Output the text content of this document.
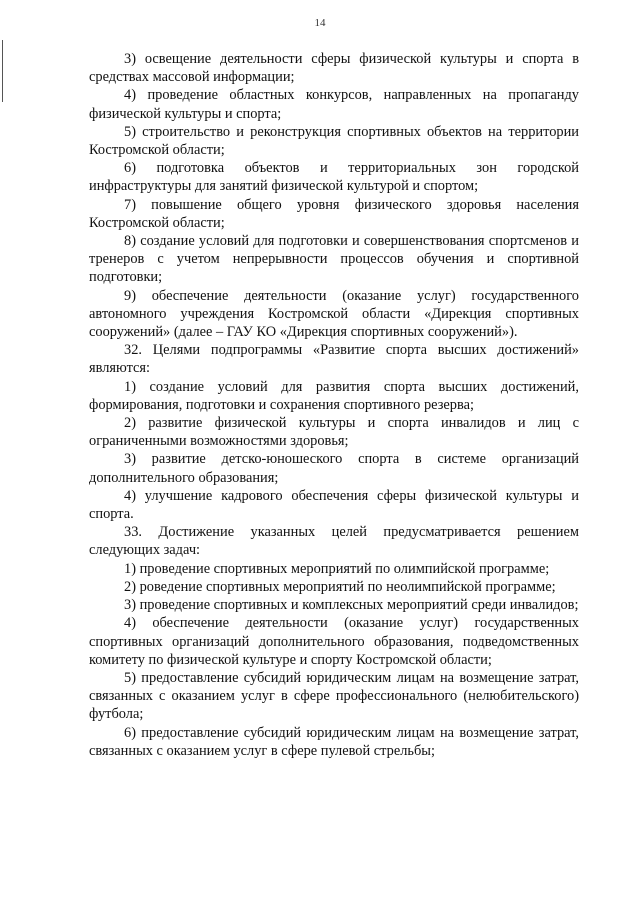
14

3) освещение деятельности сферы физической культуры и спорта в средствах массовой информации;

4) проведение областных конкурсов, направленных на пропаганду физической культуры и спорта;

5) строительство и реконструкция спортивных объектов на территории Костромской области;

6) подготовка объектов и территориальных зон городской инфраструктуры для занятий физической культурой и спортом;

7) повышение общего уровня физического здоровья населения Костромской области;

8) создание условий для подготовки и совершенствования спортсменов и тренеров с учетом непрерывности процессов обучения и спортивной подготовки;

9) обеспечение деятельности (оказание услуг) государственного автономного учреждения Костромской области «Дирекция спортивных сооружений» (далее – ГАУ КО «Дирекция спортивных сооружений»).

32. Целями подпрограммы «Развитие спорта высших достижений» являются:

1) создание условий для развития спорта высших достижений, формирования, подготовки и сохранения спортивного резерва;

2) развитие физической культуры и спорта инвалидов и лиц с ограниченными возможностями здоровья;

3) развитие детско-юношеского спорта в системе организаций дополнительного образования;

4) улучшение кадрового обеспечения сферы физической культуры и спорта.

33. Достижение указанных целей предусматривается решением следующих задач:

1) проведение спортивных мероприятий по олимпийской программе;

2) роведение спортивных мероприятий по неолимпийской программе;

3) проведение спортивных и комплексных мероприятий среди инвалидов;

4) обеспечение деятельности (оказание услуг) государственных спортивных организаций дополнительного образования, подведомственных комитету по физической культуре и спорту Костромской области;

5) предоставление субсидий юридическим лицам на возмещение затрат, связанных с оказанием услуг в сфере профессионального (нелюбительского) футбола;

6) предоставление субсидий юридическим лицам на возмещение затрат, связанных с оказанием услуг в сфере пулевой стрельбы;
